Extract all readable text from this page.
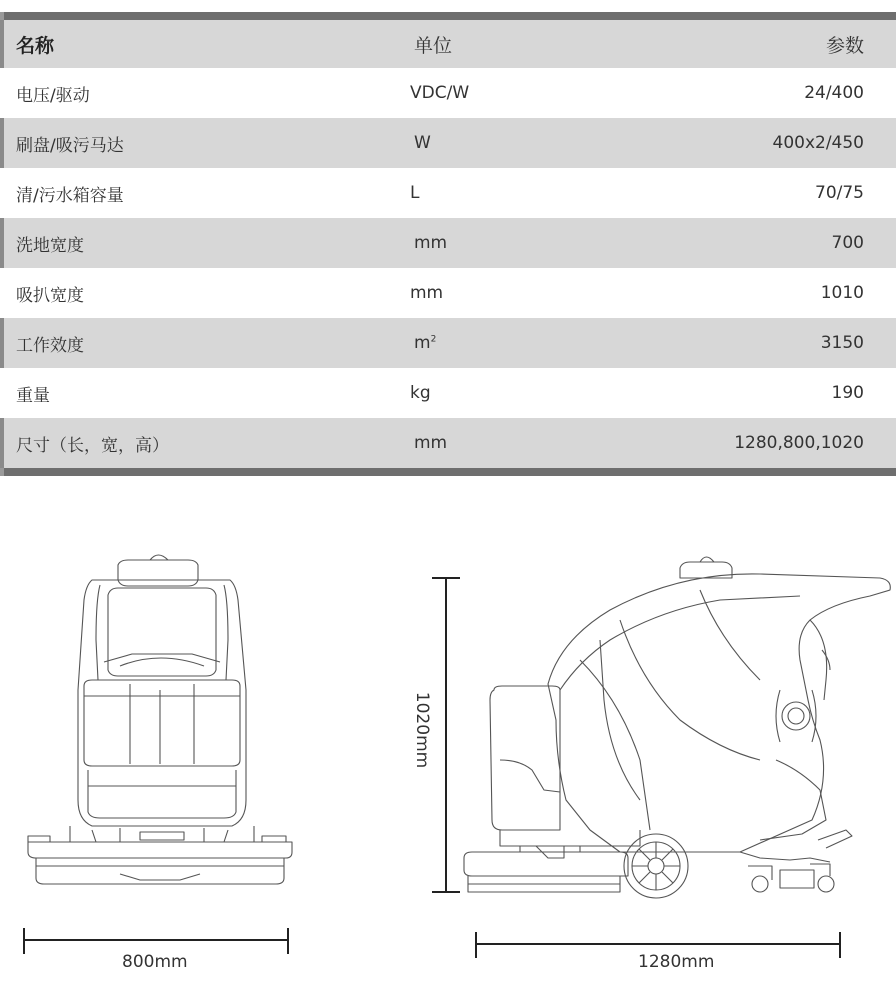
名称	单位	参数
电压/驱动	VDC/W	24/400
刷盘/吸污马达	W	400x2/450
清/污水箱容量	L	70/75
洗地宽度	mm	700
吸扒宽度	mm	1010
工作效度	$m^2$	3150
重量	kg	190
尺寸（长，宽，高）	mm	1280,800,1020
800mm	1280mm
1020mm
